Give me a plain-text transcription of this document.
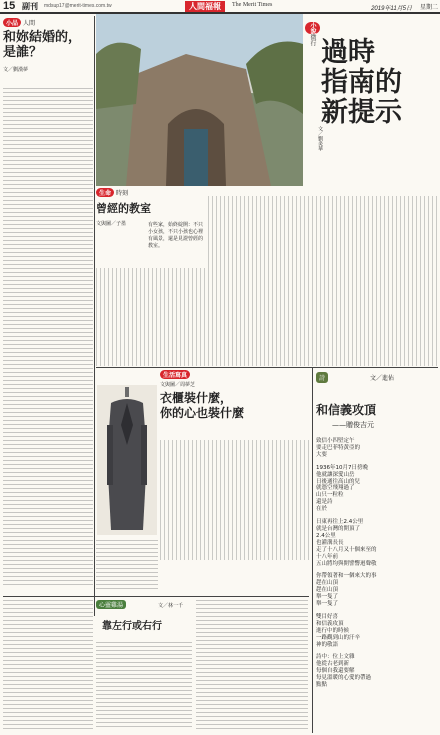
15 副刊 mdsup17@merit-times.com.tw	人間福報	The Merit Times
2019年11月5日 星期二
小品 人間
和妳結婚的，
是誰？
文／劉漢夢
小說微行 過時
指南的
新提示
文／劉炎華
生命 時刻
曾經的教室
文與圖／子墨	有些家，始終綻開：不只小女孩，不只小孩也心裡有風景，還是見證曾經的教室。
生活寫真
文與圖／周夢芝
衣櫃裝什麼，
你的心也裝什麼
詩	文／進佑
和信義攻頂
——贈俊吉元
致信小四堅定午
要走巴菲特黃亞的
大要
1936年10月7日傍晚
他就讓深愛山岳
日後通往高山的兒
就憑空飛翔過了
山只一粒粒
還是詩
在於
日東再往上2.4公里
就是台灣的開頂了
2.4公里
也灌溝長長
走了十八月又十個來至的
十八年前
五山將均與開譬響迴聲敬
你帶領著和一個來大的事
趕在山頂
趕在山頂
舉一隻了
舉一隻了
雙目好喜
和信義攻頂
進行中的時候
一路觀到山的汗辛
神的敬語
詩中：位上文雜
他從古老到新
每個自我還要解
每見溫暖的心愛的帶過
點點
心靈雞湯	文／林一千
靠左行或右行
